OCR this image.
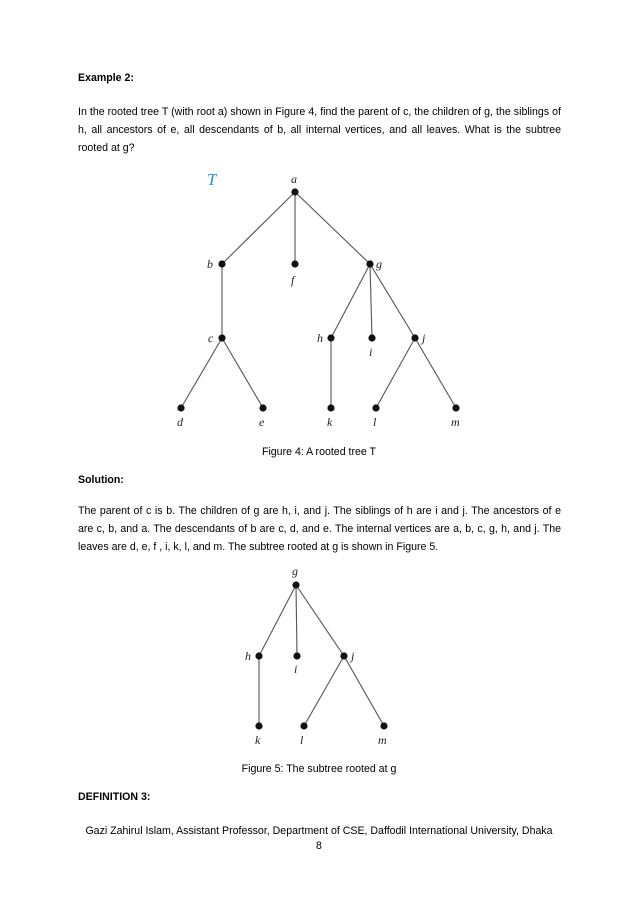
Example 2:

In the rooted tree T (with root a) shown in Figure 4, find the parent of c, the children of g, the siblings of h, all ancestors of e, all descendants of b, all internal vertices, and all leaves. What is the subtree rooted at g?

T	a
b
f
g
c	h
i
j
d	e	k	l	m

Figure 4: A rooted tree T

Solution:

The parent of c is b. The children of g are h, i, and j. The siblings of h are i and j. The ancestors of e are c, b, and a. The descendants of b are c, d, and e. The internal vertices are a, b, c, g, h, and j. The leaves are d, e, f , i, k, l, and m. The subtree rooted at g is shown in Figure 5.

g
h
i
j
k	l	m

Figure 5: The subtree rooted at g

DEFINITION 3:

Gazi Zahirul Islam, Assistant Professor, Department of CSE, Daffodil International University, Dhaka

8
